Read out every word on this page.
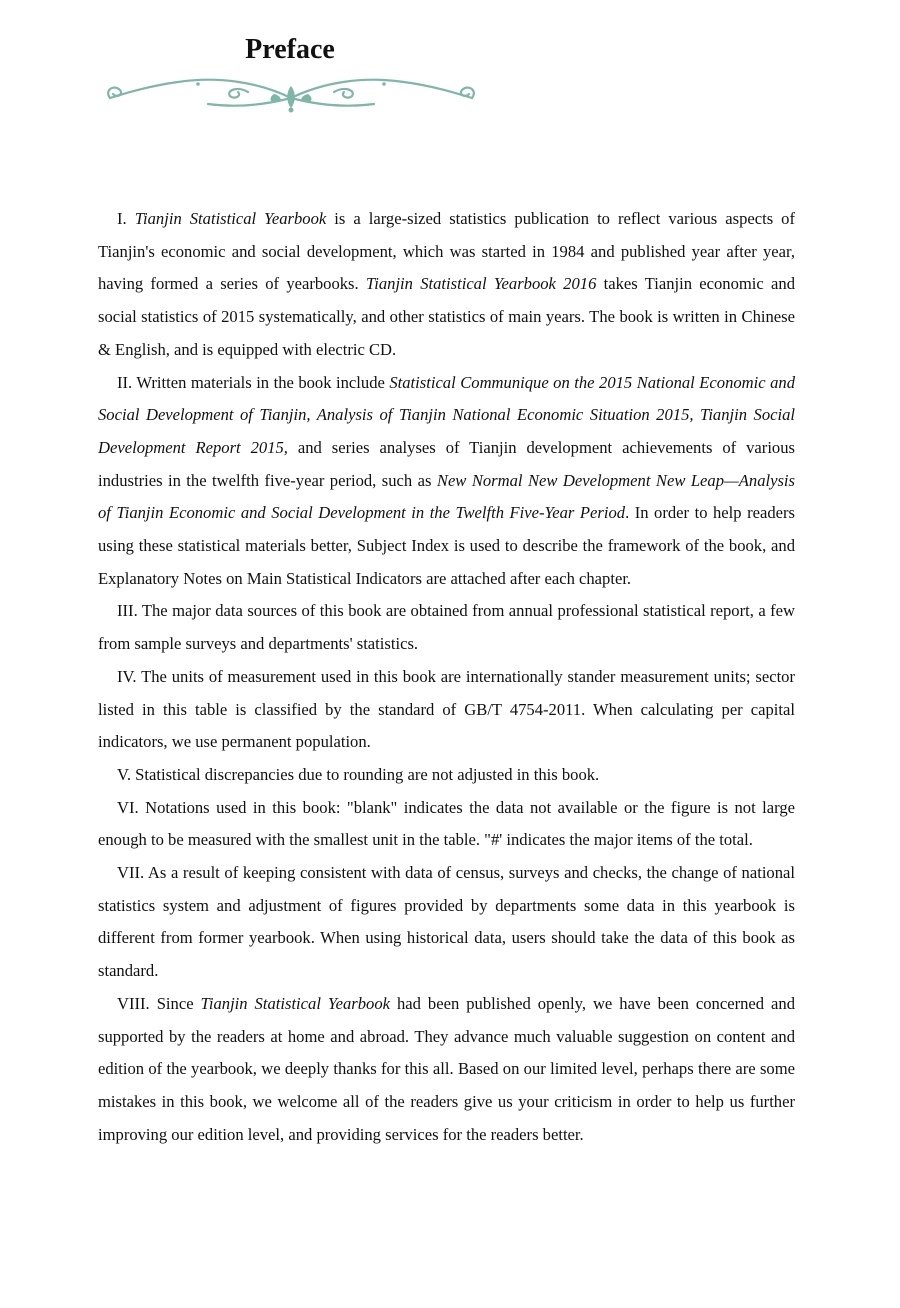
Preface

I. Tianjin Statistical Yearbook is a large-sized statistics publication to reflect various aspects of Tianjin's economic and social development, which was started in 1984 and published year after year, having formed a series of yearbooks. Tianjin Statistical Yearbook 2016 takes Tianjin economic and social statistics of 2015 systematically, and other statistics of main years. The book is written in Chinese & English, and is equipped with electric CD.

II. Written materials in the book include Statistical Communique on the 2015 National Economic and Social Development of Tianjin, Analysis of Tianjin National Economic Situation 2015, Tianjin Social Development Report 2015, and series analyses of Tianjin development achievements of various industries in the twelfth five-year period, such as New Normal New Development New Leap—Analysis of Tianjin Economic and Social Development in the Twelfth Five-Year Period. In order to help readers using these statistical materials better, Subject Index is used to describe the framework of the book, and Explanatory Notes on Main Statistical Indicators are attached after each chapter.

III. The major data sources of this book are obtained from annual professional statistical report, a few from sample surveys and departments' statistics.

IV. The units of measurement used in this book are internationally stander measurement units; sector listed in this table is classified by the standard of GB/T 4754-2011. When calculating per capital indicators, we use permanent population.

V. Statistical discrepancies due to rounding are not adjusted in this book.

VI. Notations used in this book: "blank" indicates the data not available or the figure is not large enough to be measured with the smallest unit in the table. "#' indicates the major items of the total.

VII. As a result of keeping consistent with data of census, surveys and checks, the change of national statistics system and adjustment of figures provided by departments some data in this yearbook is different from former yearbook. When using historical data, users should take the data of this book as standard.

VIII. Since Tianjin Statistical Yearbook had been published openly, we have been concerned and supported by the readers at home and abroad. They advance much valuable suggestion on content and edition of the yearbook, we deeply thanks for this all. Based on our limited level, perhaps there are some mistakes in this book, we welcome all of the readers give us your criticism in order to help us further improving our edition level, and providing services for the readers better.
